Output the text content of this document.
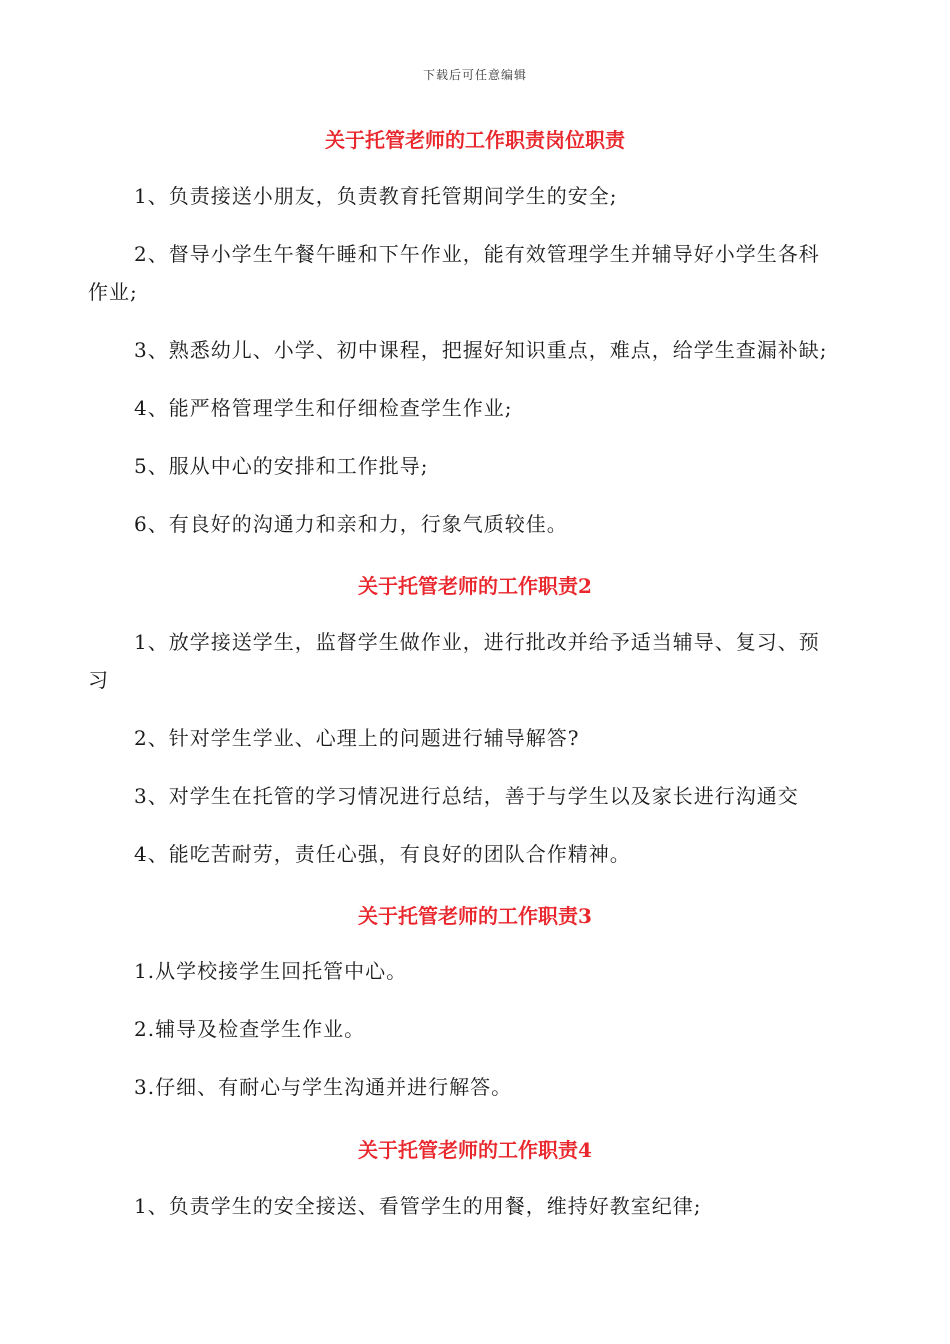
下载后可任意编辑
关于托管老师的工作职责岗位职责
1、负责接送小朋友，负责教育托管期间学生的安全;
2、督导小学生午餐午睡和下午作业，能有效管理学生并辅导好小学生各科
作业;
3、熟悉幼儿、小学、初中课程，把握好知识重点，难点，给学生查漏补缺;
4、能严格管理学生和仔细检查学生作业;
5、服从中心的安排和工作批导;
6、有良好的沟通力和亲和力，行象气质较佳。
关于托管老师的工作职责2
1、放学接送学生，监督学生做作业，进行批改并给予适当辅导、复习、预
习
2、针对学生学业、心理上的问题进行辅导解答?
3、对学生在托管的学习情况进行总结，善于与学生以及家长进行沟通交
4、能吃苦耐劳，责任心强，有良好的团队合作精神。
关于托管老师的工作职责3
1.从学校接学生回托管中心。
2.辅导及检查学生作业。
3.仔细、有耐心与学生沟通并进行解答。
关于托管老师的工作职责4
1、负责学生的安全接送、看管学生的用餐，维持好教室纪律;
